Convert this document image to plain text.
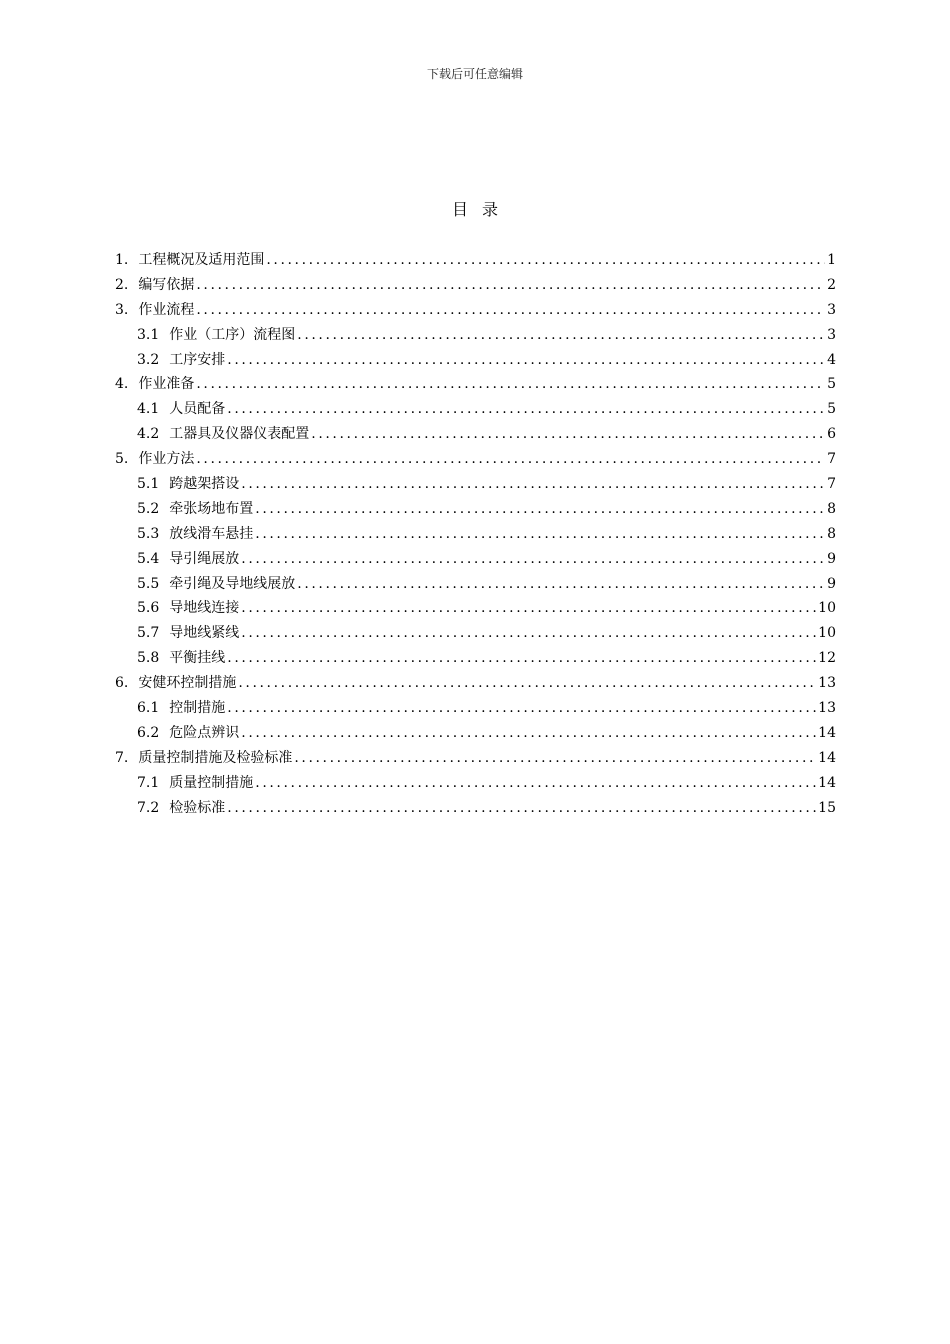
下载后可任意编辑
目录
1. 工程概况及适用范围 .....	1
2. 编写依据 .....	2
3. 作业流程 .....	3
3.1 作业（工序）流程图 .....	3
3.2 工序安排 .....	4
4. 作业准备 .....	5
4.1 人员配备 .....	5
4.2 工器具及仪器仪表配置 .....	6
5. 作业方法 .....	7
5.1 跨越架搭设 .....	7
5.2 牵张场地布置 .....	8
5.3 放线滑车悬挂 .....	8
5.4 导引绳展放 .....	9
5.5 牵引绳及导地线展放 .....	9
5.6 导地线连接 .....	10
5.7 导地线紧线 .....	10
5.8 平衡挂线 .....	12
6. 安健环控制措施 .....	13
6.1 控制措施 .....	13
6.2 危险点辨识 .....	14
7. 质量控制措施及检验标准 .....	14
7.1 质量控制措施 .....	14
7.2 检验标准 .....	15
